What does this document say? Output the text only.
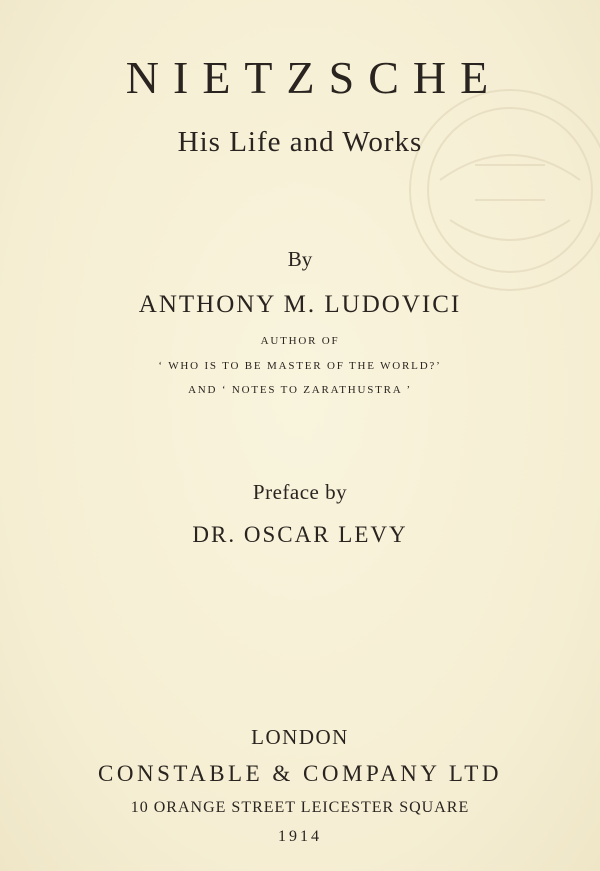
NIETZSCHE
His Life and Works
By
ANTHONY M. LUDOVICI
AUTHOR OF
‘ WHO IS TO BE MASTER OF THE WORLD?’
AND ‘ NOTES TO ZARATHUSTRA ’
Preface by
DR. OSCAR LEVY
LONDON
CONSTABLE & COMPANY LTD
10 ORANGE STREET LEICESTER SQUARE
1914
